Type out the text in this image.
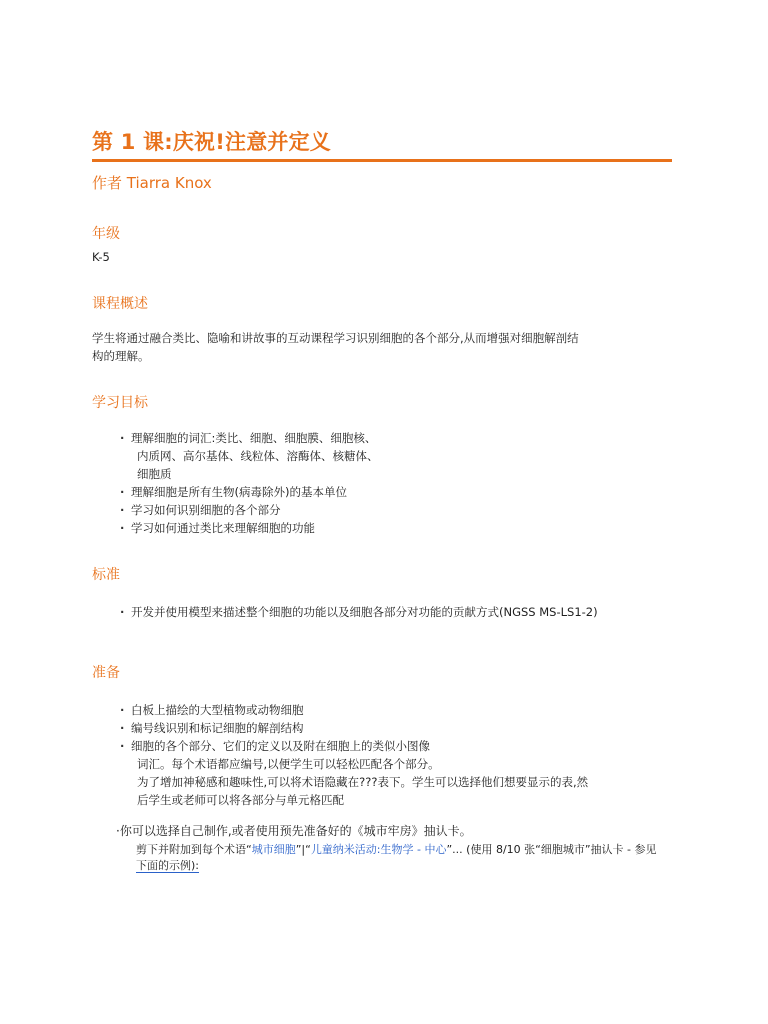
第 1 课:庆祝!注意并定义
作者 Tiarra Knox
年级

K-5

课程概述

学生将通过融合类比、隐喻和讲故事的互动课程学习识别细胞的各个部分,从而增强对细胞解剖结

构的理解。

学习目标
· 理解细胞的词汇:类比、细胞、细胞膜、细胞核、
内质网、高尔基体、线粒体、溶酶体、核糖体、
细胞质
· 理解细胞是所有生物(病毒除外)的基本单位
· 学习如何识别细胞的各个部分
· 学习如何通过类比来理解细胞的功能
标准
· 开发并使用模型来描述整个细胞的功能以及细胞各部分对功能的贡献方式(NGSS MS-LS1-2)
准备
· 白板上描绘的大型植物或动物细胞
· 编号线识别和标记细胞的解剖结构
· 细胞的各个部分、它们的定义以及附在细胞上的类似小图像
词汇。每个术语都应编号,以便学生可以轻松匹配各个部分。
为了增加神秘感和趣味性,可以将术语隐藏在???表下。学生可以选择他们想要显示的表,然
后学生或老师可以将各部分与单元格匹配

·你可以选择自己制作,或者使用预先准备好的《城市牢房》抽认卡。

剪下并附加到每个术语“城市细胞”|“儿童纳米活动:生物学 - 中心”... (使用 8/10 张“细胞城市”抽认卡 - 参见
下面的示例):
